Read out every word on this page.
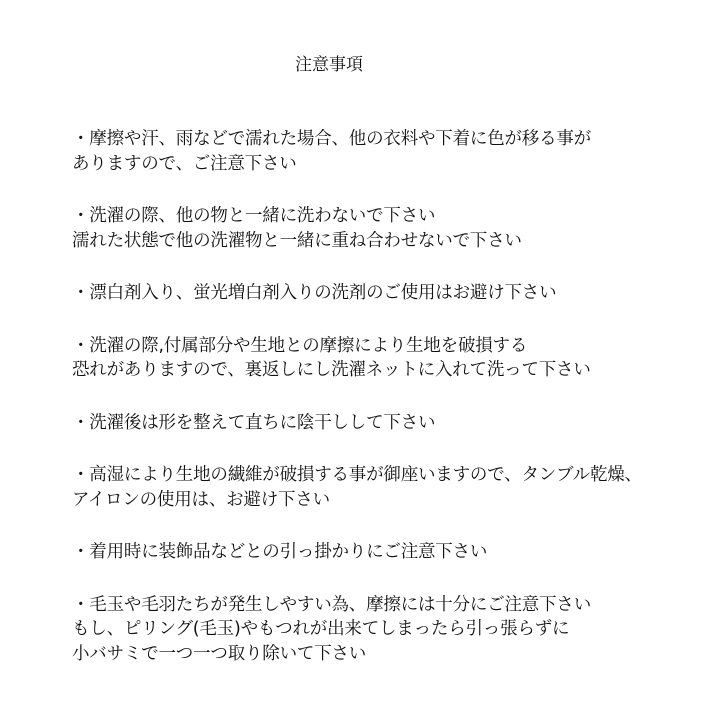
注意事項
・摩擦や汗、雨などで濡れた場合、他の衣料や下着に色が移る事が
ありますので、ご注意下さい
・洗濯の際、他の物と一緒に洗わないで下さい
濡れた状態で他の洗濯物と一緒に重ね合わせないで下さい
・漂白剤入り、蛍光増白剤入りの洗剤のご使用はお避け下さい
・洗濯の際,付属部分や生地との摩擦により生地を破損する
恐れがありますので、裏返しにし洗濯ネットに入れて洗って下さい
・洗濯後は形を整えて直ちに陰干しして下さい
・高湿により生地の繊維が破損する事が御座いますので、タンブル乾燥、
アイロンの使用は、お避け下さい
・着用時に装飾品などとの引っ掛かりにご注意下さい
・毛玉や毛羽たちが発生しやすい為、摩擦には十分にご注意下さい
もし、ピリング(毛玉)やもつれが出来てしまったら引っ張らずに
小バサミで一つ一つ取り除いて下さい
